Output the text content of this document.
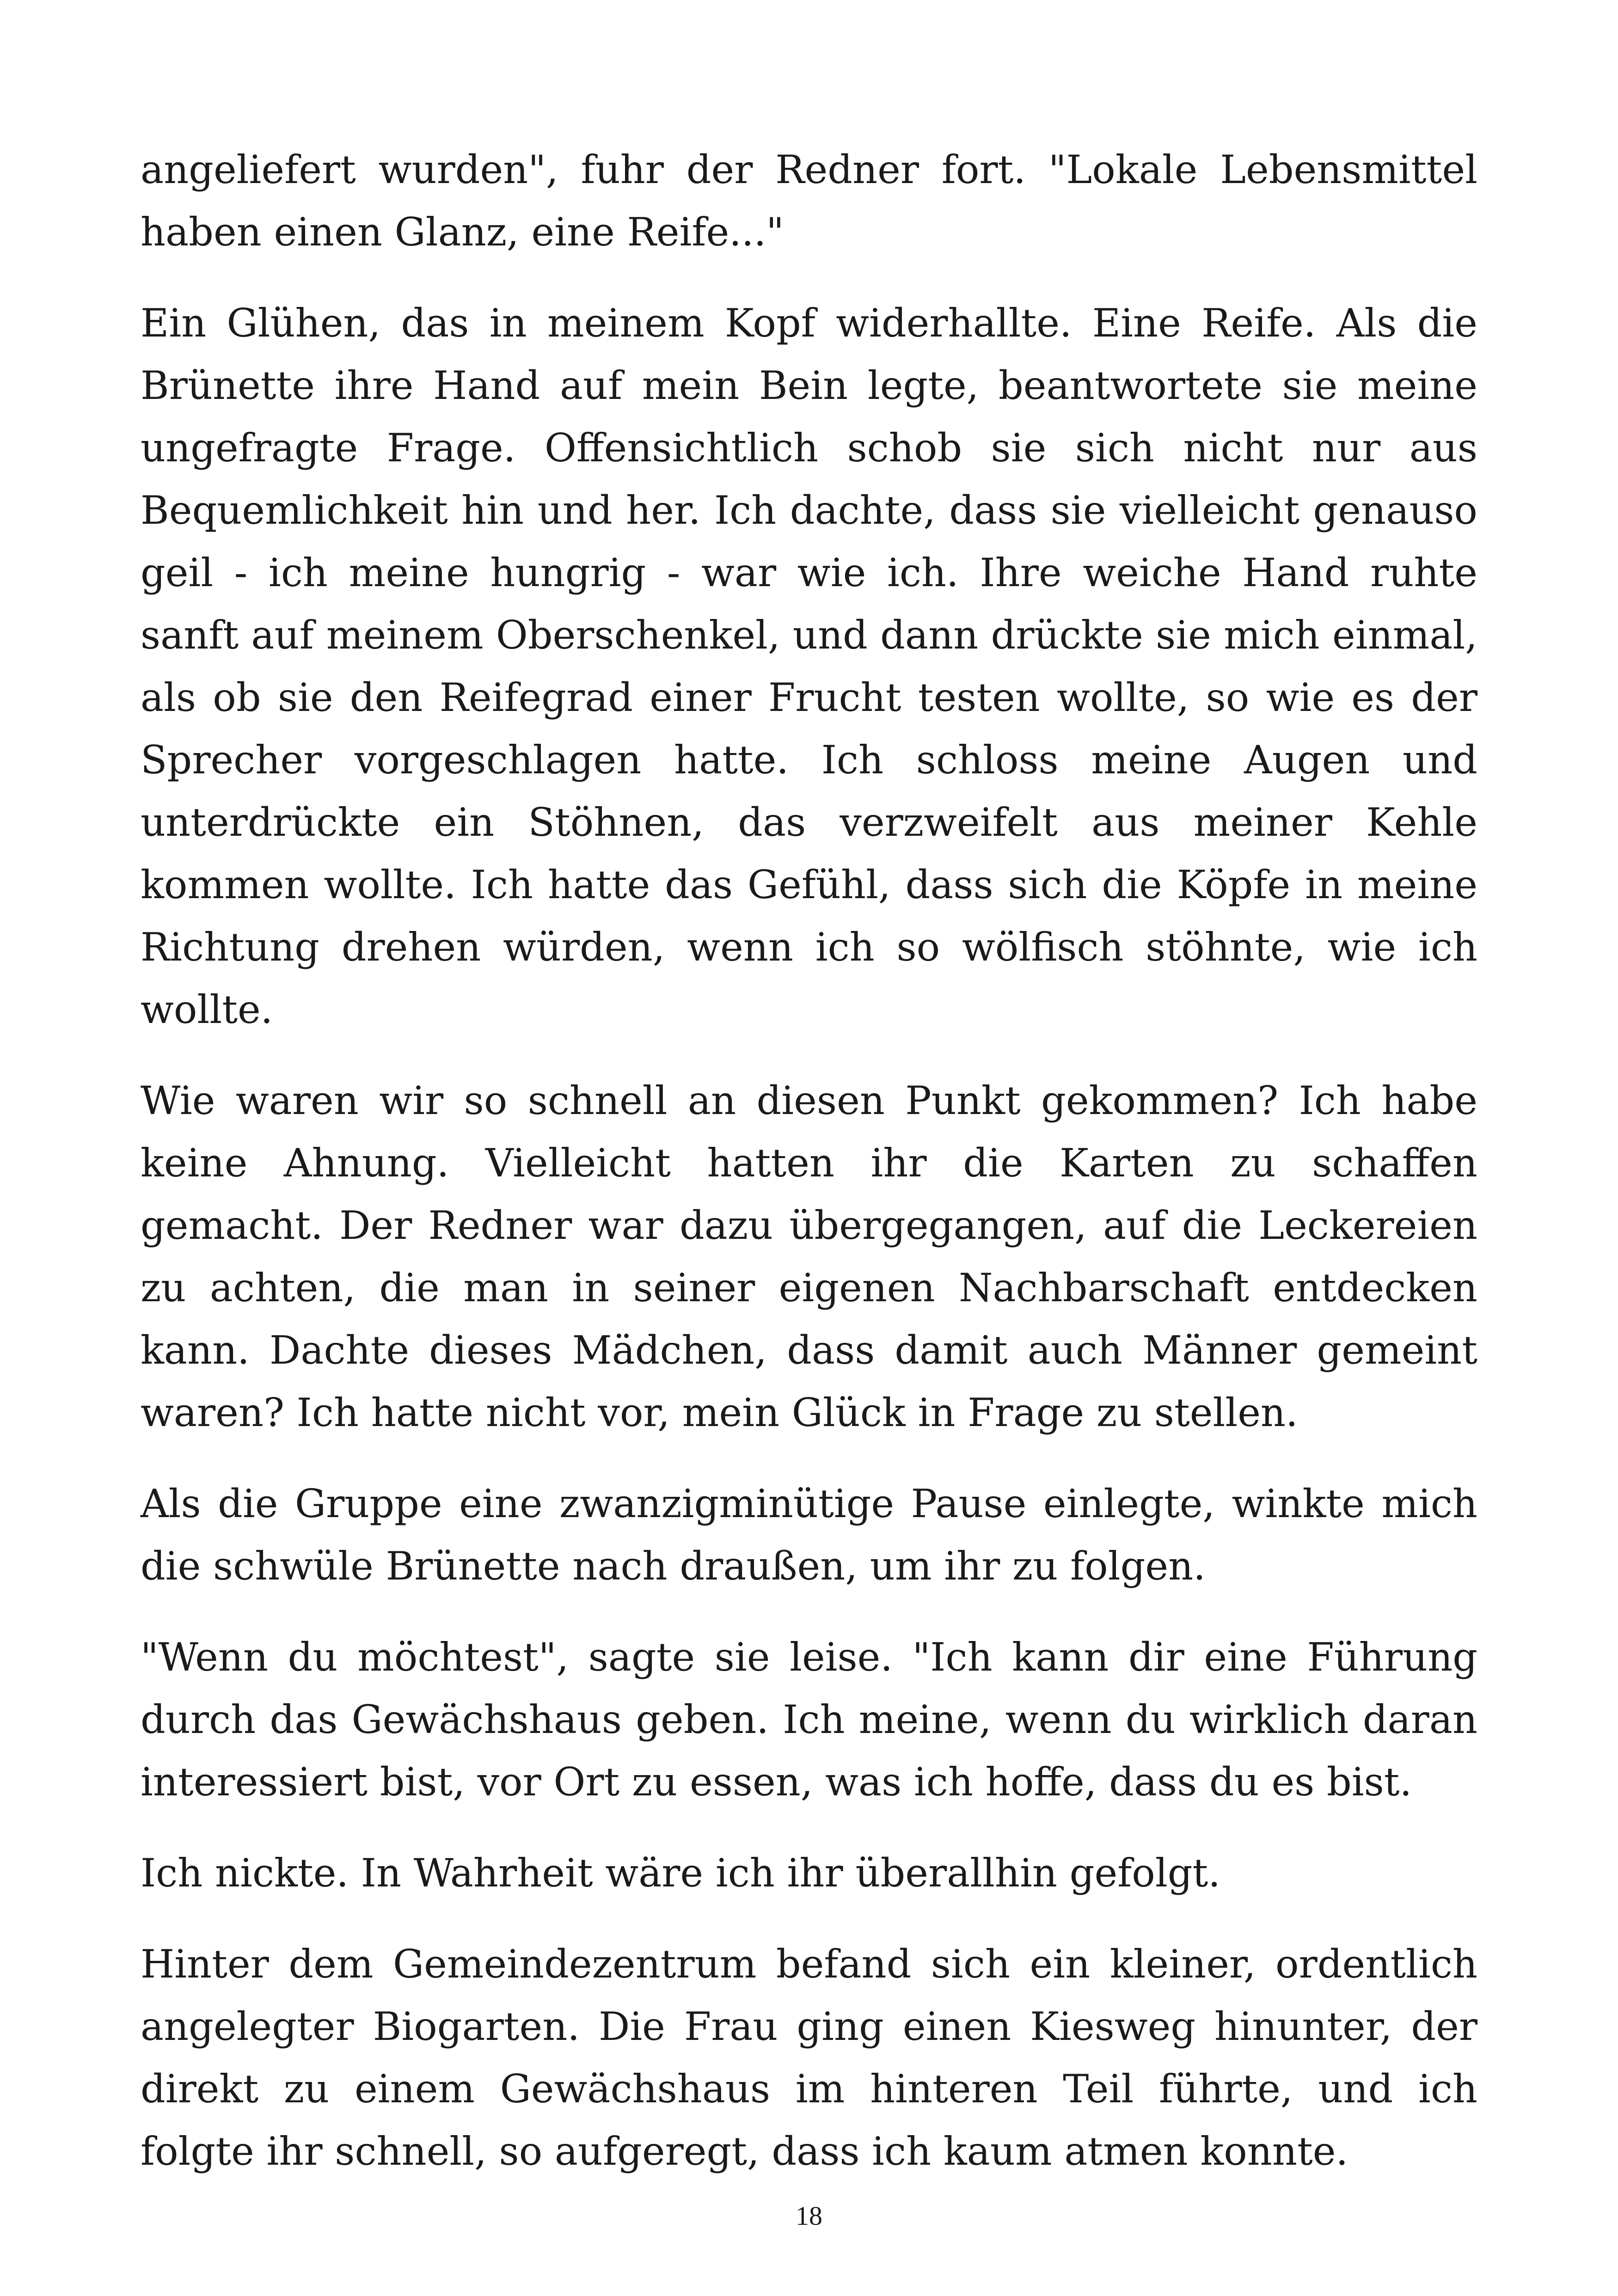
angeliefert wurden", fuhr der Redner fort. "Lokale Lebensmittel haben einen Glanz, eine Reife..."

Ein Glühen, das in meinem Kopf widerhallte. Eine Reife. Als die Brünette ihre Hand auf mein Bein legte, beantwortete sie meine ungefragte Frage. Offensichtlich schob sie sich nicht nur aus Bequemlichkeit hin und her. Ich dachte, dass sie vielleicht genauso geil - ich meine hungrig - war wie ich. Ihre weiche Hand ruhte sanft auf meinem Oberschenkel, und dann drückte sie mich einmal, als ob sie den Reifegrad einer Frucht testen wollte, so wie es der Sprecher vorgeschlagen hatte. Ich schloss meine Augen und unterdrückte ein Stöhnen, das verzweifelt aus meiner Kehle kommen wollte. Ich hatte das Gefühl, dass sich die Köpfe in meine Richtung drehen würden, wenn ich so wölfisch stöhnte, wie ich wollte.

Wie waren wir so schnell an diesen Punkt gekommen? Ich habe keine Ahnung. Vielleicht hatten ihr die Karten zu schaffen gemacht. Der Redner war dazu übergegangen, auf die Leckereien zu achten, die man in seiner eigenen Nachbarschaft entdecken kann. Dachte dieses Mädchen, dass damit auch Männer gemeint waren? Ich hatte nicht vor, mein Glück in Frage zu stellen.

Als die Gruppe eine zwanzigminütige Pause einlegte, winkte mich die schwüle Brünette nach draußen, um ihr zu folgen.

"Wenn du möchtest", sagte sie leise. "Ich kann dir eine Führung durch das Gewächshaus geben. Ich meine, wenn du wirklich daran interessiert bist, vor Ort zu essen, was ich hoffe, dass du es bist.

Ich nickte. In Wahrheit wäre ich ihr überallhin gefolgt.

Hinter dem Gemeindezentrum befand sich ein kleiner, ordentlich angelegter Biogarten. Die Frau ging einen Kiesweg hinunter, der direkt zu einem Gewächshaus im hinteren Teil führte, und ich folgte ihr schnell, so aufgeregt, dass ich kaum atmen konnte.

18
